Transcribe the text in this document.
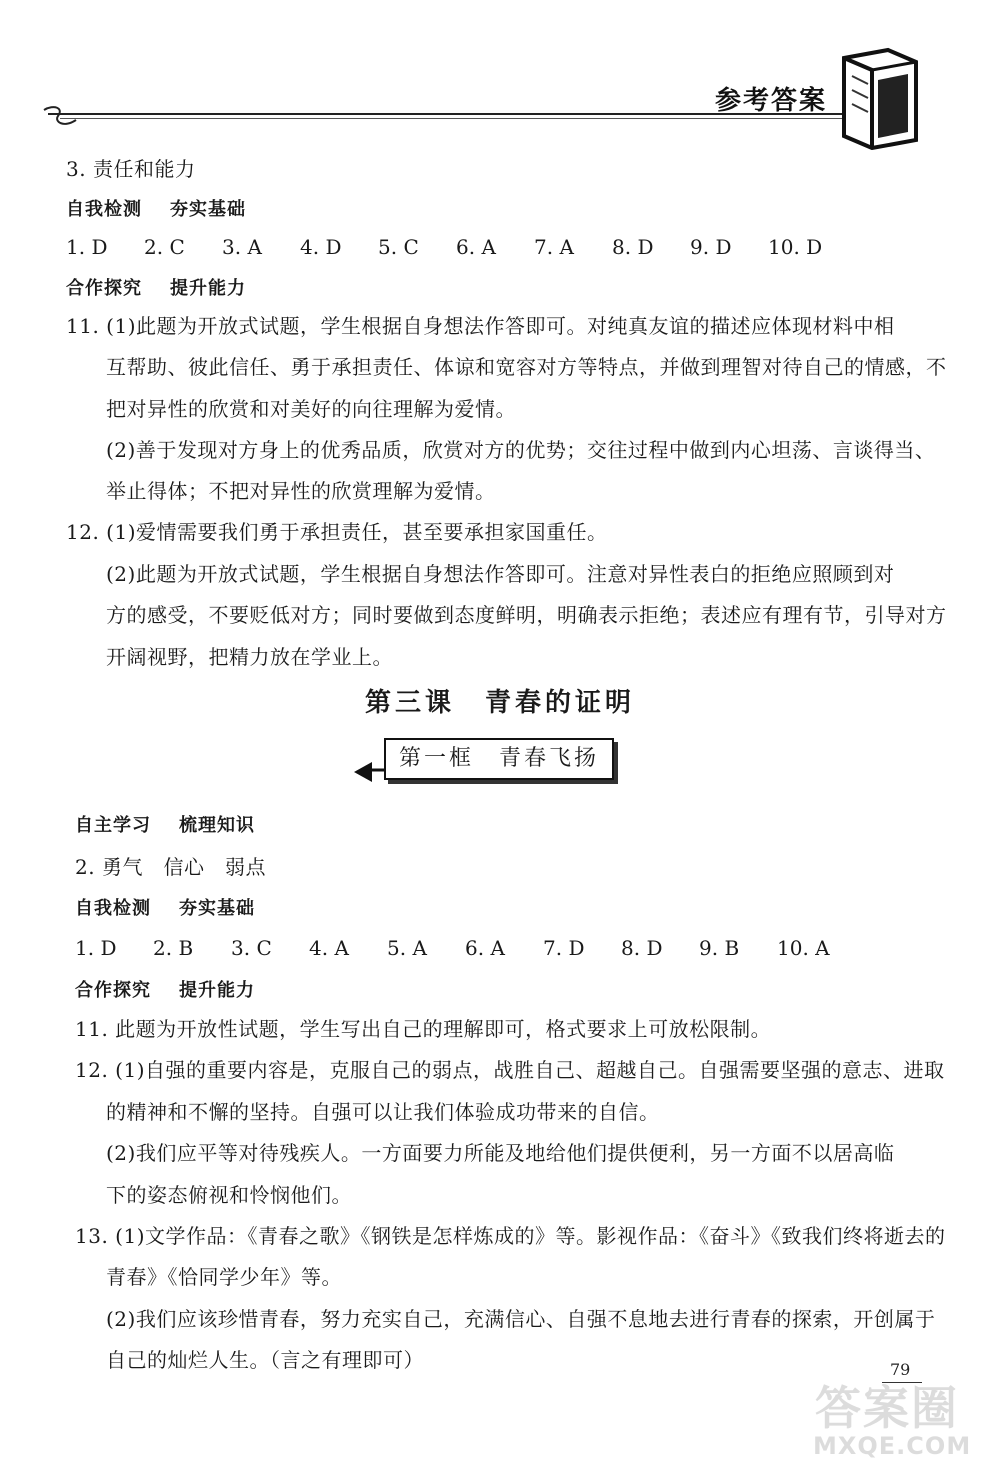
参考答案
3. 责任和能力
自我检测 夯实基础
1. D 2. C 3. A 4. D 5. C 6. A 7. A 8. D 9. D 10. D
合作探究 提升能力
11. (1)此题为开放式试题，学生根据自身想法作答即可。对纯真友谊的描述应体现材料中相
互帮助、彼此信任、勇于承担责任、体谅和宽容对方等特点，并做到理智对待自己的情感，不
把对异性的欣赏和对美好的向往理解为爱情。
(2)善于发现对方身上的优秀品质，欣赏对方的优势；交往过程中做到内心坦荡、言谈得当、
举止得体；不把对异性的欣赏理解为爱情。
12. (1)爱情需要我们勇于承担责任，甚至要承担家国重任。
(2)此题为开放式试题，学生根据自身想法作答即可。注意对异性表白的拒绝应照顾到对
方的感受，不要贬低对方；同时要做到态度鲜明，明确表示拒绝；表述应有理有节，引导对方
开阔视野，把精力放在学业上。
第三课　青春的证明
第一框　青春飞扬
自主学习 梳理知识
2. 勇气　信心　弱点
自我检测 夯实基础
1. D 2. B 3. C 4. A 5. A 6. A 7. D 8. D 9. B 10. A
合作探究 提升能力
11. 此题为开放性试题，学生写出自己的理解即可，格式要求上可放松限制。
12. (1)自强的重要内容是，克服自己的弱点，战胜自己、超越自己。自强需要坚强的意志、进取
的精神和不懈的坚持。自强可以让我们体验成功带来的自信。
(2)我们应平等对待残疾人。一方面要力所能及地给他们提供便利，另一方面不以居高临
下的姿态俯视和怜悯他们。
13. (1)文学作品：《青春之歌》《钢铁是怎样炼成的》等。影视作品：《奋斗》《致我们终将逝去的
青春》《恰同学少年》等。
(2)我们应该珍惜青春，努力充实自己，充满信心、自强不息地去进行青春的探索，开创属于
自己的灿烂人生。（言之有理即可）
答案圈
MXQE.COM
79
